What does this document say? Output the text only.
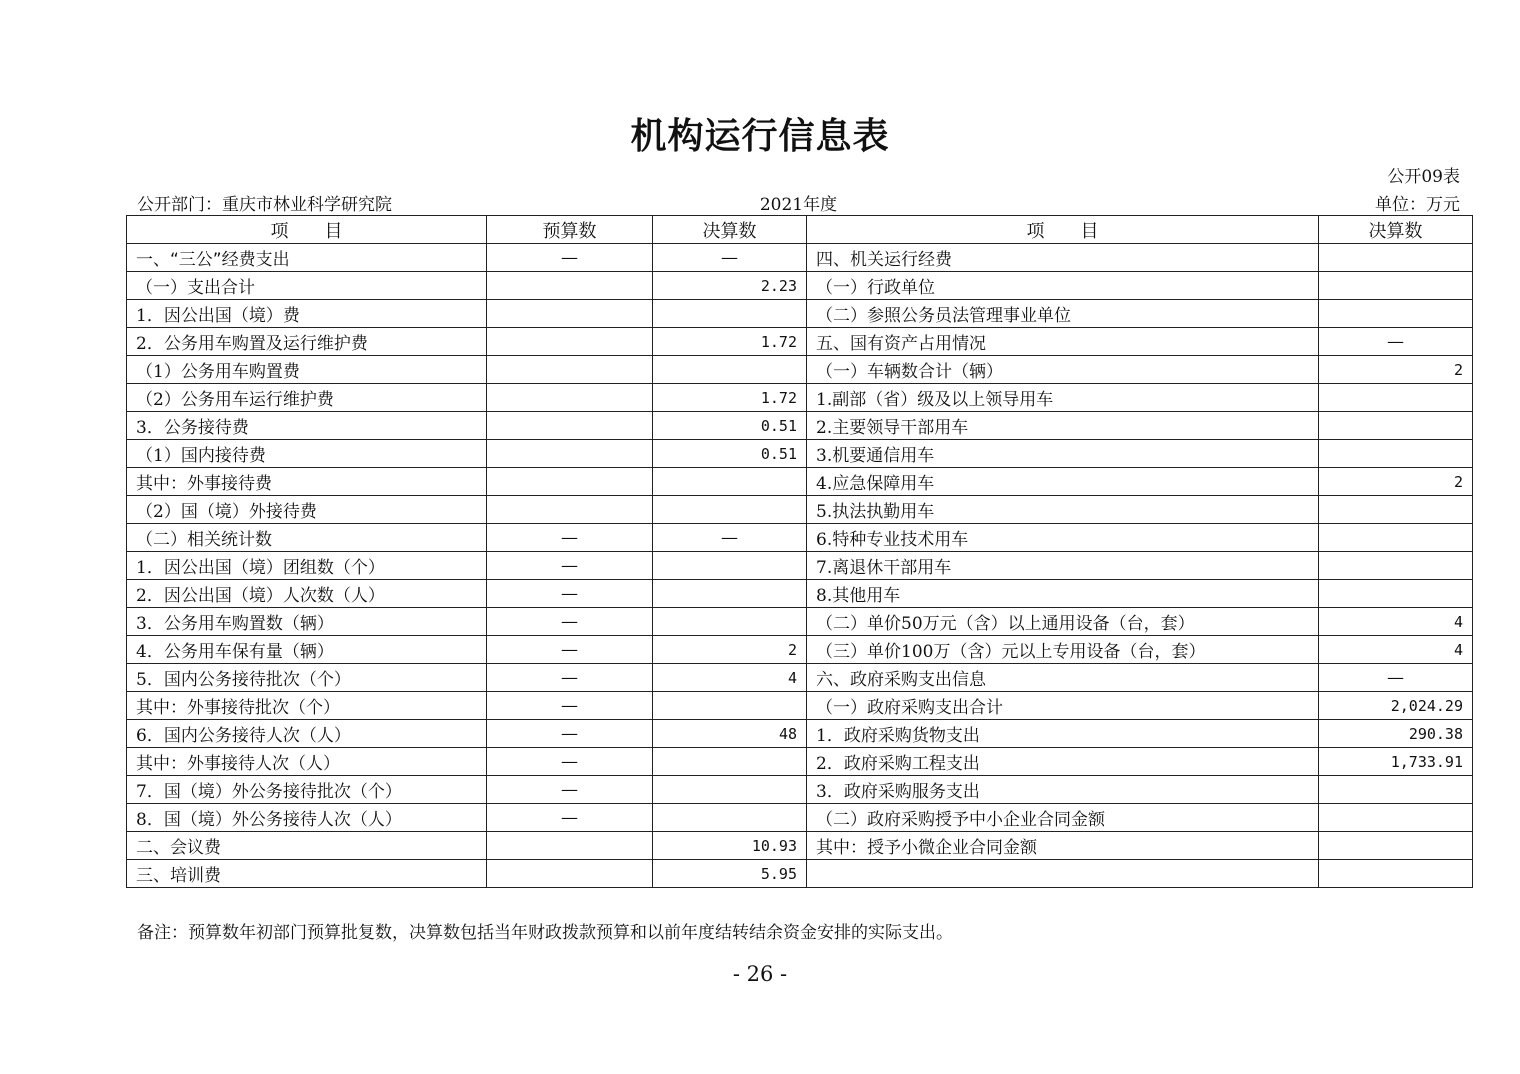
机构运行信息表
公开09表
公开部门：重庆市林业科学研究院	2021年度	单位：万元
项　　目	预算数	决算数	项　　目	决算数
一、“三公”经费支出	—	—	四、机关运行经费	
（一）支出合计		2.23	（一）行政单位	
1．因公出国（境）费			（二）参照公务员法管理事业单位	
2．公务用车购置及运行维护费		1.72	五、国有资产占用情况	—
（1）公务用车购置费			（一）车辆数合计（辆）	2
（2）公务用车运行维护费		1.72	1.副部（省）级及以上领导用车	
3．公务接待费		0.51	2.主要领导干部用车	
（1）国内接待费		0.51	3.机要通信用车	
其中：外事接待费			4.应急保障用车	2
（2）国（境）外接待费			5.执法执勤用车	
（二）相关统计数	—	—	6.特种专业技术用车	
1．因公出国（境）团组数（个）	—		7.离退休干部用车	
2．因公出国（境）人次数（人）	—		8.其他用车	
3．公务用车购置数（辆）	—		（二）单价50万元（含）以上通用设备（台，套）	4
4．公务用车保有量（辆）	—	2	（三）单价100万（含）元以上专用设备（台，套）	4
5．国内公务接待批次（个）	—	4	六、政府采购支出信息	—
其中：外事接待批次（个）	—		（一）政府采购支出合计	2,024.29
6．国内公务接待人次（人）	—	48	1．政府采购货物支出	290.38
其中：外事接待人次（人）	—		2．政府采购工程支出	1,733.91
7．国（境）外公务接待批次（个）	—		3．政府采购服务支出	
8．国（境）外公务接待人次（人）	—		（二）政府采购授予中小企业合同金额	
二、会议费		10.93	其中：授予小微企业合同金额	
三、培训费		5.95		
备注：预算数年初部门预算批复数，决算数包括当年财政拨款预算和以前年度结转结余资金安排的实际支出。
- 26 -
